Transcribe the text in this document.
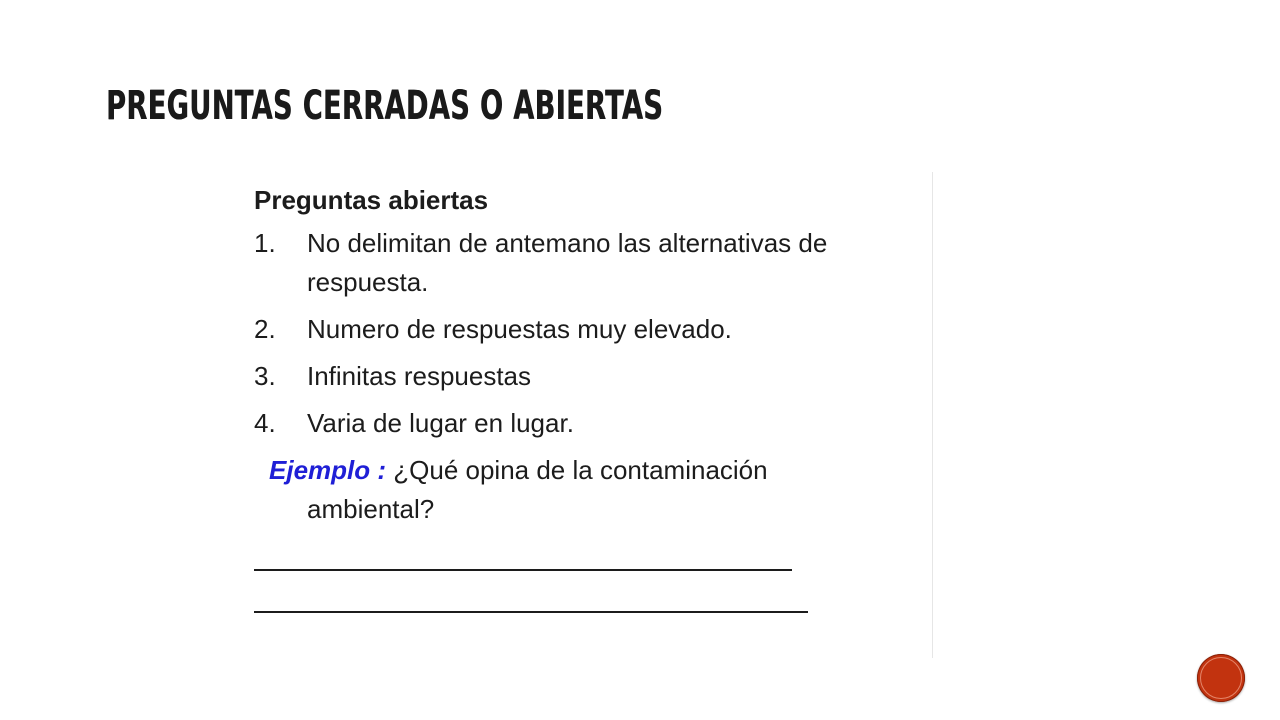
PREGUNTAS CERRADAS O ABIERTAS
Preguntas abiertas
1.	No delimitan de antemano las alternativas de respuesta.
2.	Numero de respuestas muy elevado.
3.	Infinitas respuestas
4.	Varia de lugar en lugar.
Ejemplo : ¿Qué opina de la contaminación
ambiental?
